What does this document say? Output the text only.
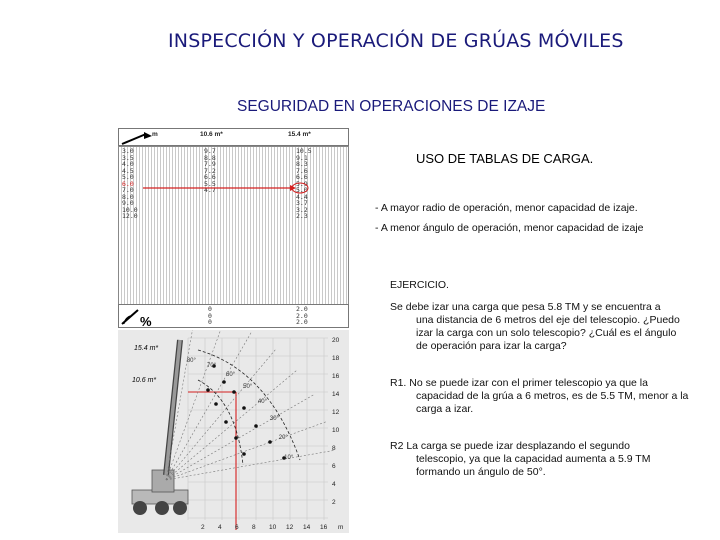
INSPECCIÓN Y OPERACIÓN DE GRÚAS MÓVILES
SEGURIDAD EN OPERACIONES DE IZAJE
USO DE TABLAS DE CARGA.
- A mayor radio de operación, menor capacidad de izaje.
- A menor ángulo de operación, menor capacidad de izaje
EJERCICIO.
Se debe izar una carga que pesa 5.8 TM y se encuentra a
una distancia de 6 metros del eje del telescopio. ¿Puedo izar la carga con un solo telescopio? ¿Cuál es el ángulo de operación para izar la carga?
R1. No se puede izar con el primer telescopio ya que la
capacidad de la grúa a 6 metros, es de 5.5 TM, menor a la carga a izar.
R2 La carga se puede izar desplazando el segundo
telescopio, ya que la capacidad aumenta a 5.9 TM formando un ángulo de 50°.
m	10.6 m*	15.4 m*
3.0
3.5
4.0
4.5
5.0
6.0
7.0
8.0
9.0
10.0
12.0
9.7
8.8
7.9
7.2
6.6
5.5
4.7
10.5
9.1
8.3
7.6
6.6
5.9
5.0
4.4
3.7
3.2
2.3
%
0
0
0
2.0
2.0
2.0
15.4 m*
10.6 m*
20
18
16
14
12
10
8
6
4
2
2 4 6 8 10 12 14 16 m
80°
70°
60°
50°
40°
30°
20°
10°
